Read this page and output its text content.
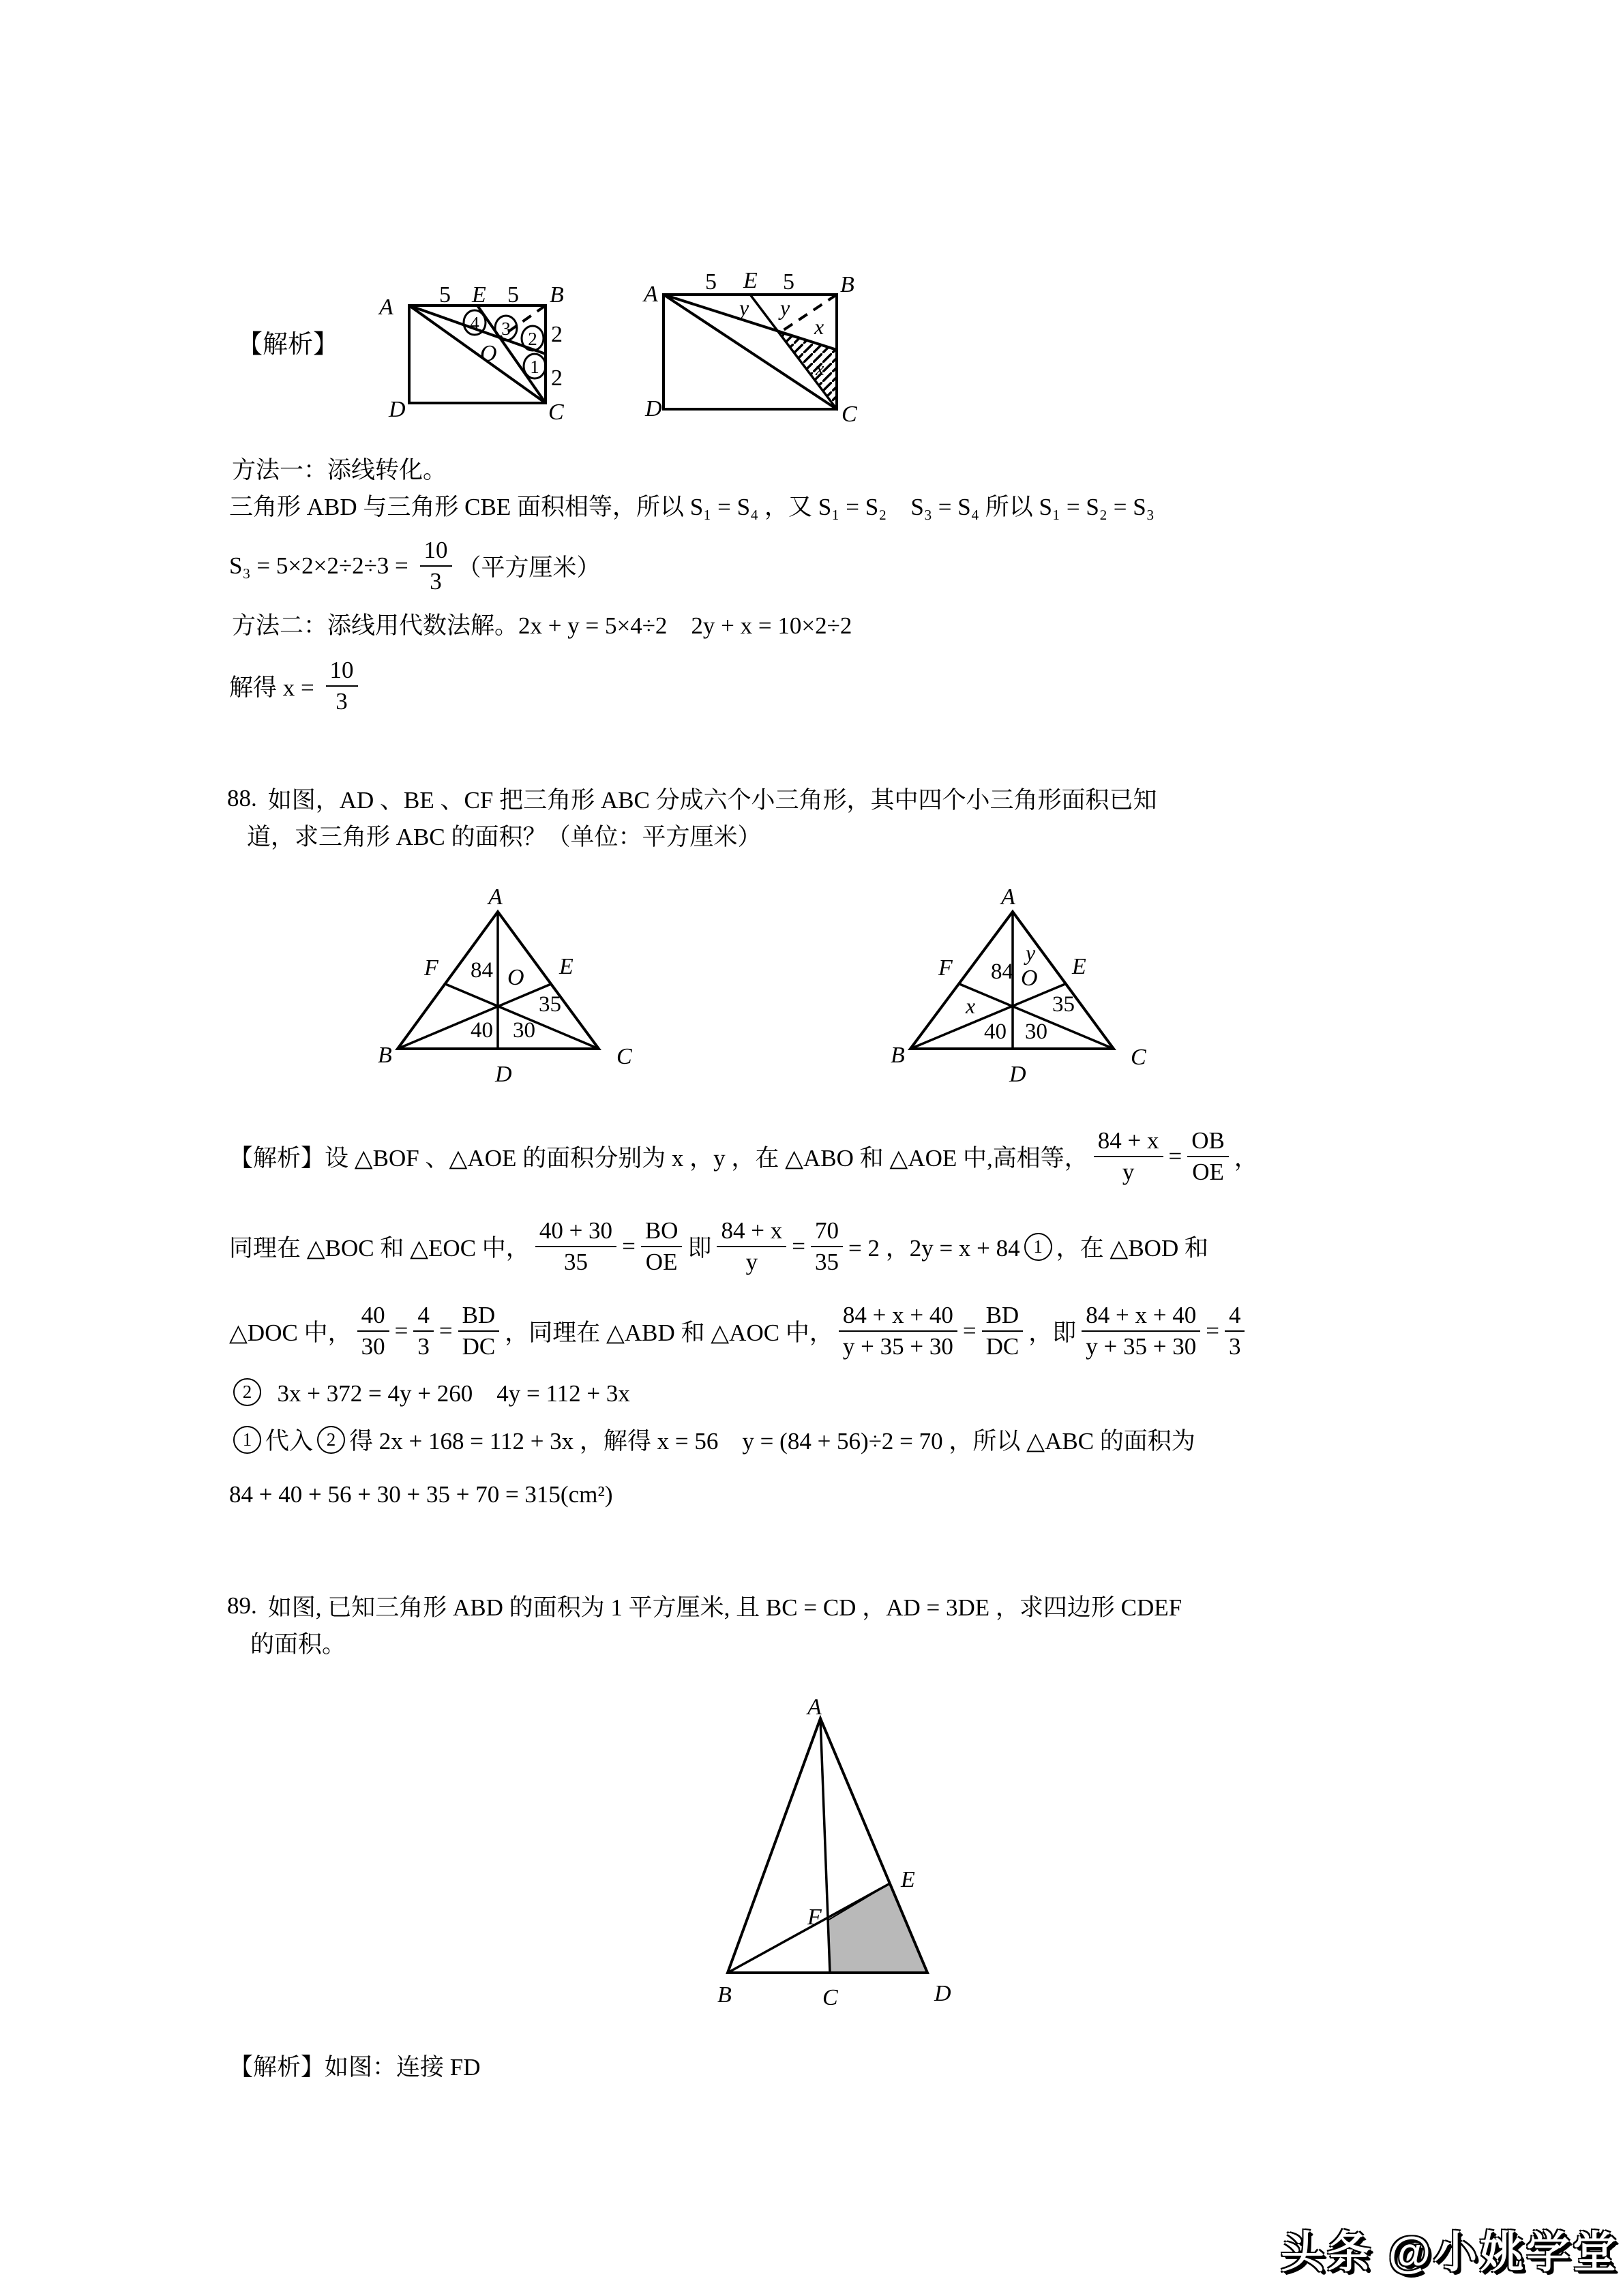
【解析】
A 5 E 5 B
2
2
D	C
O
4 3 2
1
A 5 E 5 B
D	C
y y
x
x
方法一：添线转化。
三角形 ABD 与三角形 CBE 面积相等，所以 S₁ = S₄ ，又 S₁ = S₂　S₃ = S₄ 所以 S₁ = S₂ = S₃
$S_3 = 5\times 2\times 2\div 2\div 3 = \frac{10}{3}$ （平方厘米）
方法二：添线用代数法解。2x + y = 5×4÷2　2y + x = 10×2÷2
解得 $x = \frac{10}{3}$
88. 如图，AD 、BE 、CF 把三角形 ABC 分成六个小三角形，其中四个小三角形面积已知
道，求三角形 ABC 的面积？（单位：平方厘米）
A
B	C
D
F	E
O
84
35
40 30
A
B	C
D
F	E
O
y
x
84
35
40 30
【解析】设 △BOF 、△AOE 的面积分别为 x ，y ，在 △ABO 和 △AOE 中,高相等， $\frac{84 + x}{y} = \frac{OB}{OE}$ ，
同理在 △BOC 和 △EOC 中， $\frac{40 + 30}{35} = \frac{BO}{OE}$ 即 $\frac{84 + x}{y} = \frac{70}{35} = 2$ ，2y = x + 84 1 ，在 △BOD 和
△DOC 中， $\frac{40}{30} = \frac{4}{3} = \frac{BD}{DC}$ ，同理在 △ABD 和 △AOC 中， $\frac{84 + x + 40}{y + 35 + 30} = \frac{BD}{DC}$ ，即 $\frac{84 + x + 40}{y + 35 + 30} = \frac{4}{3}$
2 3x + 372 = 4y + 260　4y = 112 + 3x
1 代入 2 得 2x + 168 = 112 + 3x ，解得 x = 56　y = (84 + 56)÷2 = 70 ，所以 △ABC 的面积为
84 + 40 + 56 + 30 + 35 + 70 = 315(cm²)
89. 如图, 已知三角形 ABD 的面积为 1 平方厘米, 且 BC = CD ，AD = 3DE ，求四边形 CDEF
的面积。
A
B	C	D
E
F
【解析】如图：连接 FD
头条 @小姚学堂
